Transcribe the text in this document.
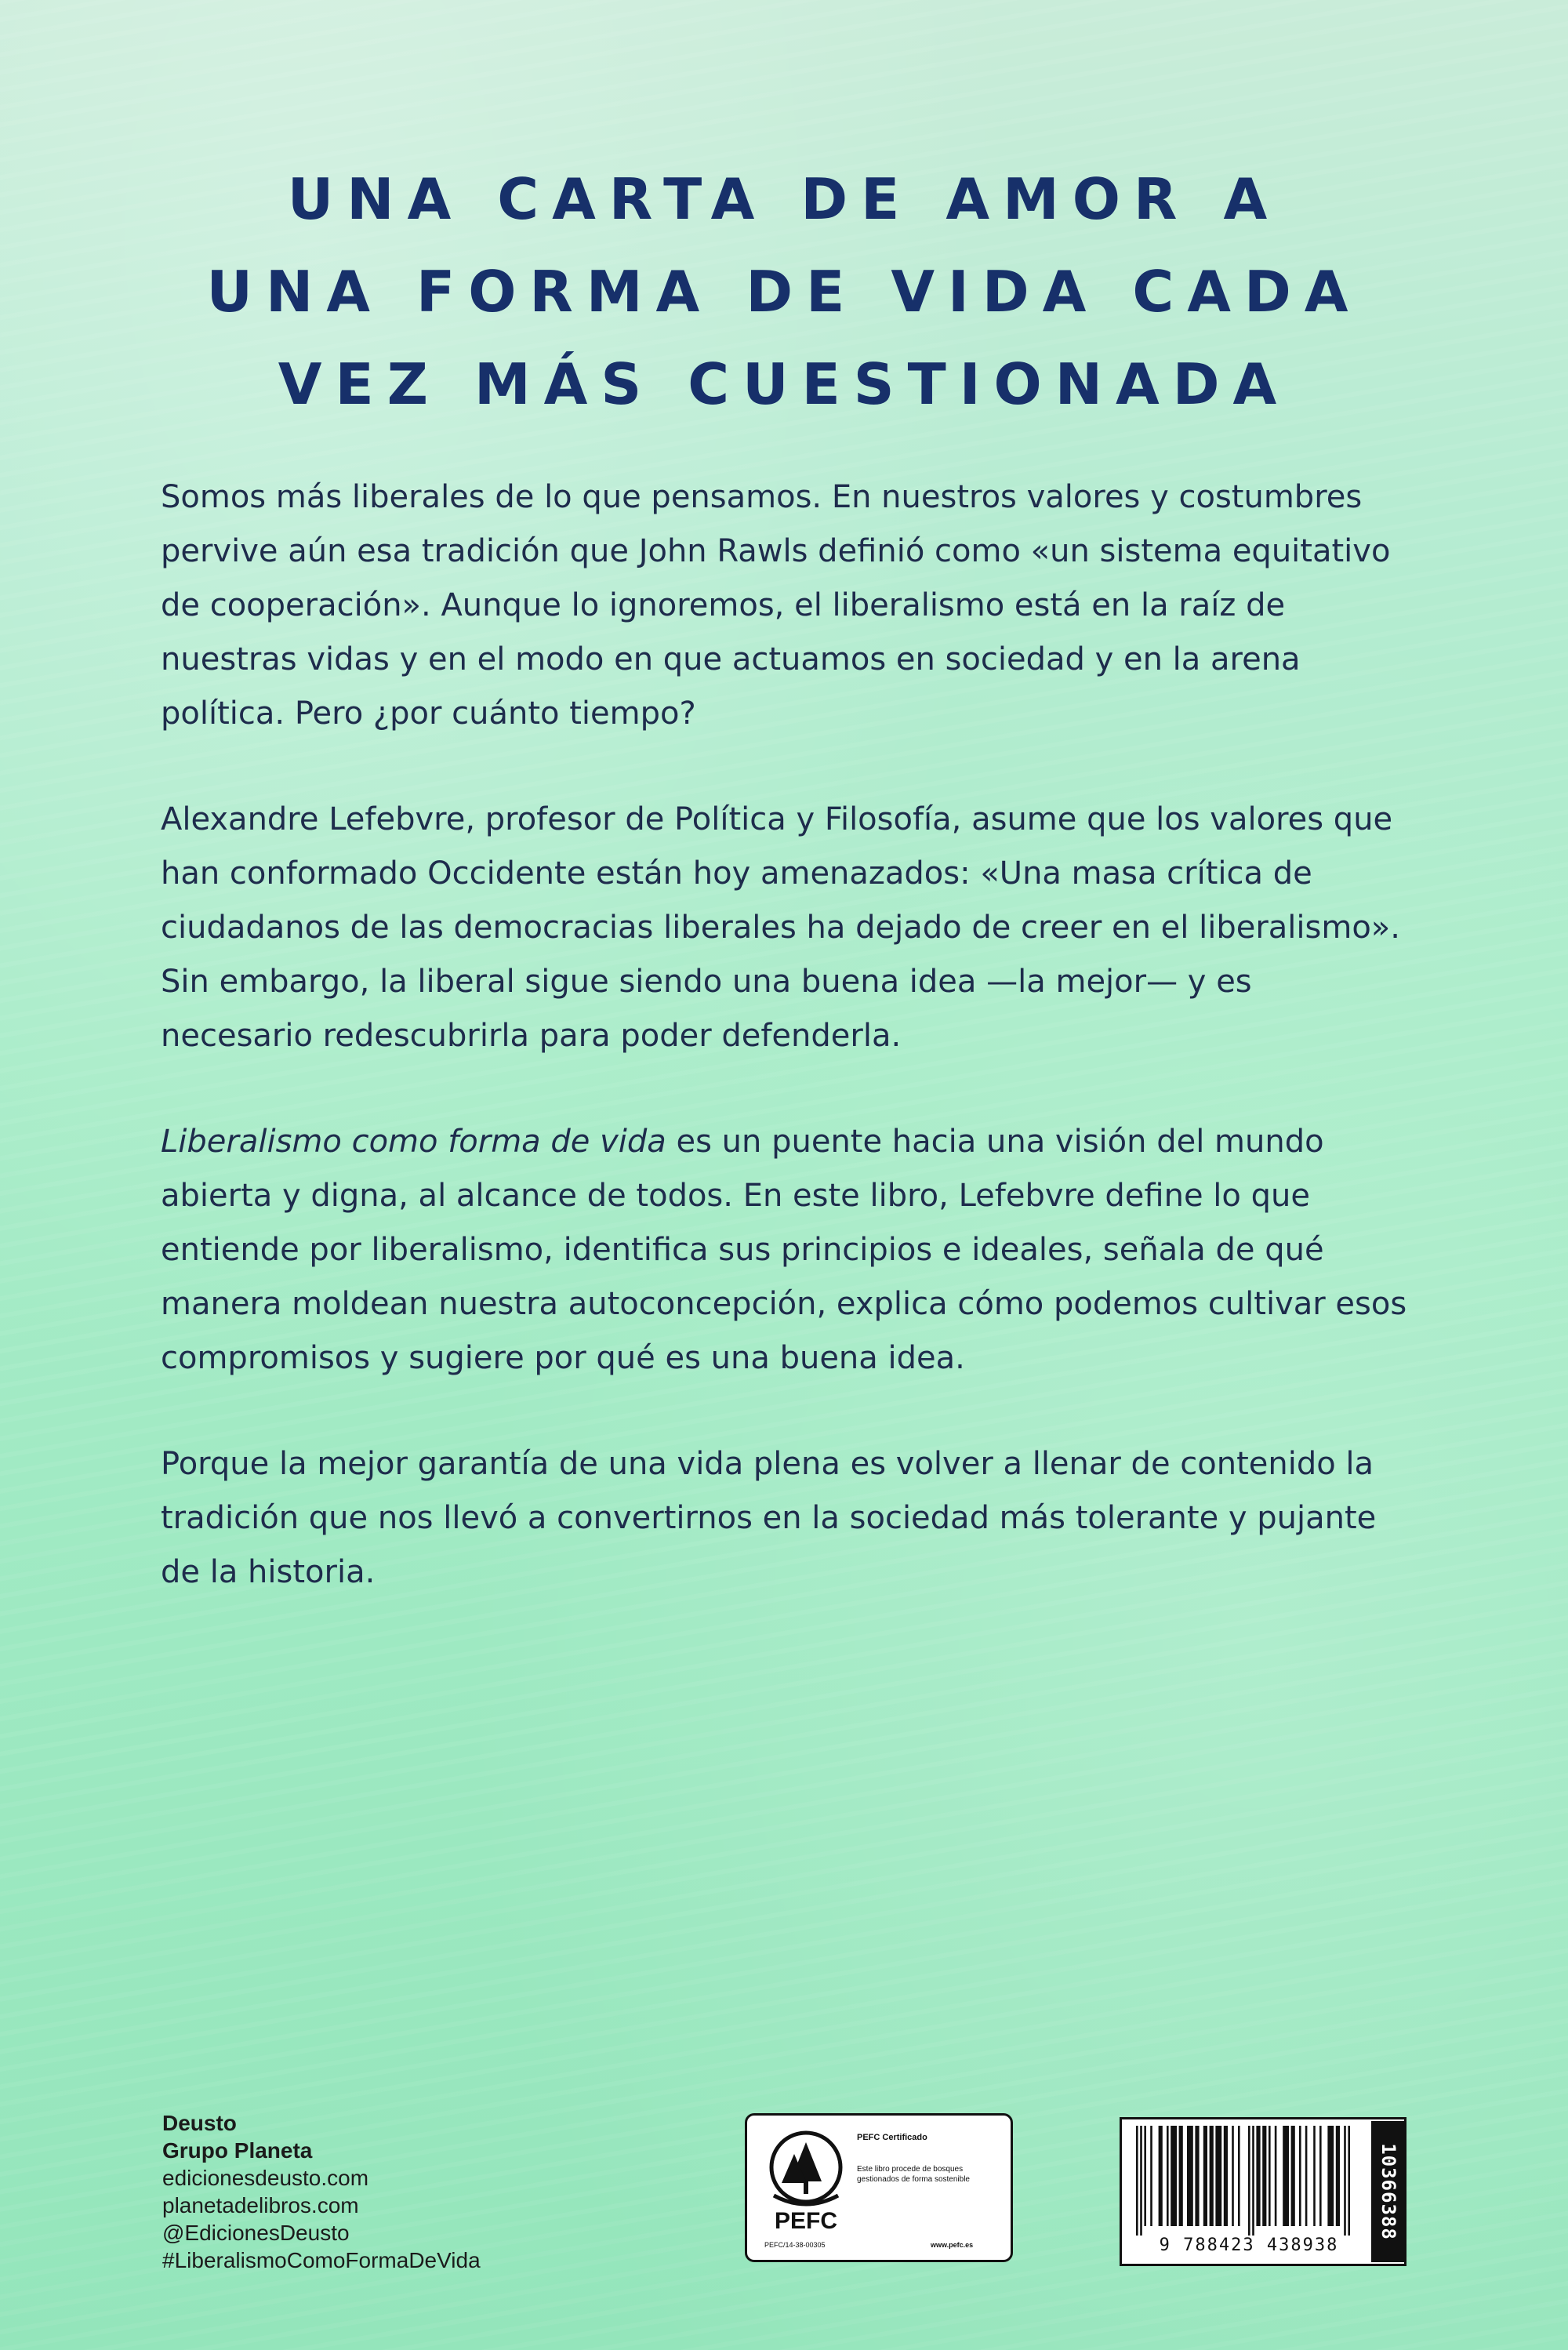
UNA CARTA DE AMOR A
UNA FORMA DE VIDA CADA
VEZ MÁS CUESTIONADA

Somos más liberales de lo que pensamos. En nuestros valores y costumbres pervive aún esa tradición que John Rawls definió como «un sistema equitativo de cooperación». Aunque lo ignoremos, el liberalismo está en la raíz de nuestras vidas y en el modo en que actuamos en sociedad y en la arena política. Pero ¿por cuánto tiempo?

Alexandre Lefebvre, profesor de Política y Filosofía, asume que los valores que han conformado Occidente están hoy amenazados: «Una masa crítica de ciudadanos de las democracias liberales ha dejado de creer en el liberalismo». Sin embargo, la liberal sigue siendo una buena idea —la mejor— y es necesario redescubrirla para poder defenderla.

Liberalismo como forma de vida es un puente hacia una visión del mundo abierta y digna, al alcance de todos. En este libro, Lefebvre define lo que entiende por liberalismo, identifica sus principios e ideales, señala de qué manera moldean nuestra autoconcepción, explica cómo podemos cultivar esos compromisos y sugiere por qué es una buena idea.

Porque la mejor garantía de una vida plena es volver a llenar de contenido la tradición que nos llevó a convertirnos en la sociedad más tolerante y pujante de la historia.

Deusto
Grupo Planeta
edicionesdeusto.com
planetadelibros.com
@EdicionesDeusto
#LiberalismoComoFormaDeVida
PEFC
PEFC Certificado
Este libro procede de bosques gestionados de forma sostenible
PEFC/14-38-00305	www.pefc.es	9 788423 438938
10366388
